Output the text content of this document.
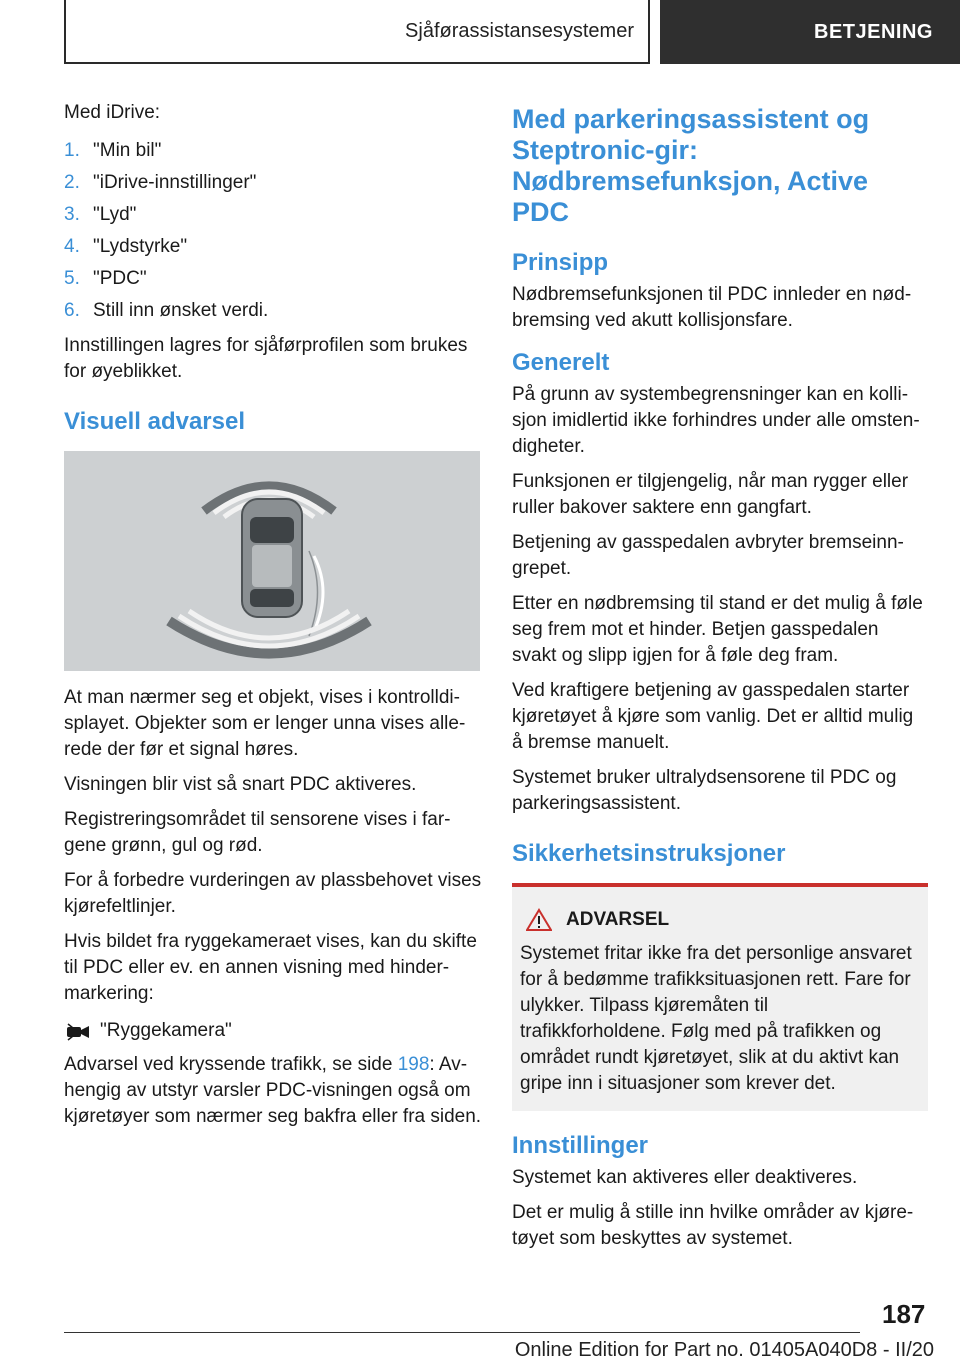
Sjåførassistansesystemer	BETJENING

Med iDrive:

1. "Min bil"
2. "iDrive-innstillinger"
3. "Lyd"
4. "Lydstyrke"
5. "PDC"
6. Still inn ønsket verdi.

Innstillingen lagres for sjåførprofilen som brukes for øyeblikket.

Visuell advarsel

At man nærmer seg et objekt, vises i kontrolldisplayet. Objekter som er lenger unna vises allerede der før et signal høres.

Visningen blir vist så snart PDC aktiveres.

Registreringsområdet til sensorene vises i fargene grønn, gul og rød.

For å forbedre vurderingen av plassbehovet vises kjørefeltlinjer.

Hvis bildet fra ryggekameraet vises, kan du skifte til PDC eller ev. en annen visning med hindermarkering:

"Ryggekamera"

Advarsel ved kryssende trafikk, se side 198: Avhengig av utstyr varsler PDC-visningen også om kjøretøyer som nærmer seg bakfra eller fra siden.

Med parkeringsassistent og Steptronic-gir: Nødbremsefunksjon, Active PDC
Prinsipp

Nødbremsefunksjonen til PDC innleder en nødbremsing ved akutt kollisjonsfare.

Generelt

På grunn av systembegrensninger kan en kollisjon imidlertid ikke forhindres under alle omstendigheter.

Funksjonen er tilgjengelig, når man rygger eller ruller bakover saktere enn gangfart.

Betjening av gasspedalen avbryter bremseinngrepet.

Etter en nødbremsing til stand er det mulig å føle seg frem mot et hinder. Betjen gasspedalen svakt og slipp igjen for å føle deg fram.

Ved kraftigere betjening av gasspedalen starter kjøretøyet å kjøre som vanlig. Det er alltid mulig å bremse manuelt.

Systemet bruker ultralydsensorene til PDC og parkeringsassistent.

Sikkerhetsinstruksjoner
ADVARSEL

Systemet fritar ikke fra det personlige ansvaret for å bedømme trafikksituasjonen rett. Fare for ulykker. Tilpass kjøremåten til trafikkforholdene. Følg med på trafikken og området rundt kjøretøyet, slik at du aktivt kan gripe inn i situasjoner som krever det.

Innstillinger

Systemet kan aktiveres eller deaktiveres.

Det er mulig å stille inn hvilke områder av kjøretøyet som beskyttes av systemet.

187
Online Edition for Part no. 01405A040D8 - II/20
